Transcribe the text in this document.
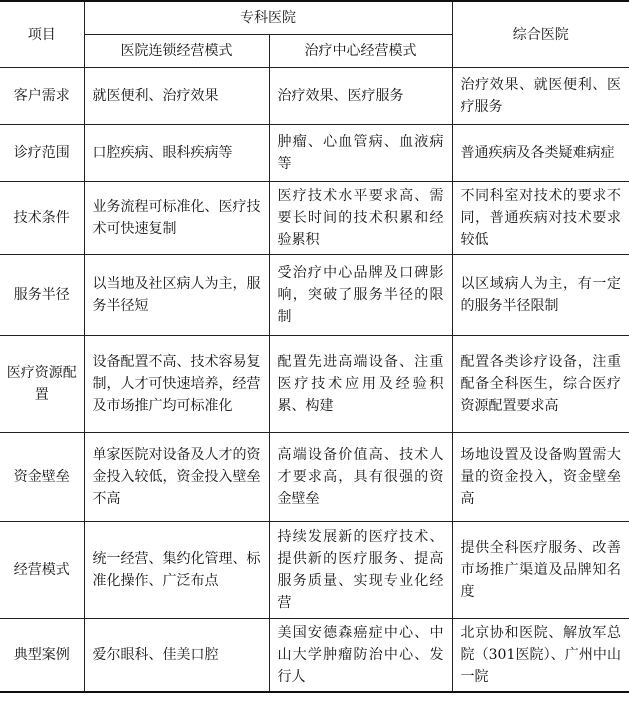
项目	专科医院		综合医院
	医院连锁经营模式	治疗中心经营模式	
客户需求	就医便利、治疗效果	治疗效果、医疗服务	治疗效果、就医便利、医疗服务
诊疗范围	口腔疾病、眼科疾病等	肿瘤、心血管病、血液病等	普通疾病及各类疑难病症
技术条件	业务流程可标准化、医疗技术可快速复制	医疗技术水平要求高、需要长时间的技术积累和经验累积	不同科室对技术的要求不同，普通疾病对技术要求较低
服务半径	以当地及社区病人为主，服务半径短	受治疗中心品牌及口碑影响，突破了服务半径的限制	以区域病人为主，有一定的服务半径限制
医疗资源配置	设备配置不高、技术容易复制，人才可快速培养，经营及市场推广均可标准化	配置先进高端设备、注重医疗技术应用及经验积累、构建	配置各类诊疗设备，注重配备全科医生，综合医疗资源配置要求高
资金壁垒	单家医院对设备及人才的资金投入较低，资金投入壁垒不高	高端设备价值高、技术人才要求高，具有很强的资金壁垒	场地设置及设备购置需大量的资金投入，资金壁垒高
经营模式	统一经营、集约化管理、标准化操作、广泛布点	持续发展新的医疗技术、提供新的医疗服务、提高服务质量、实现专业化经营	提供全科医疗服务、改善市场推广渠道及品牌知名度
典型案例	爱尔眼科、佳美口腔	美国安德森癌症中心、中山大学肿瘤防治中心、发行人	北京协和医院、解放军总院（301医院）、广州中山一院
